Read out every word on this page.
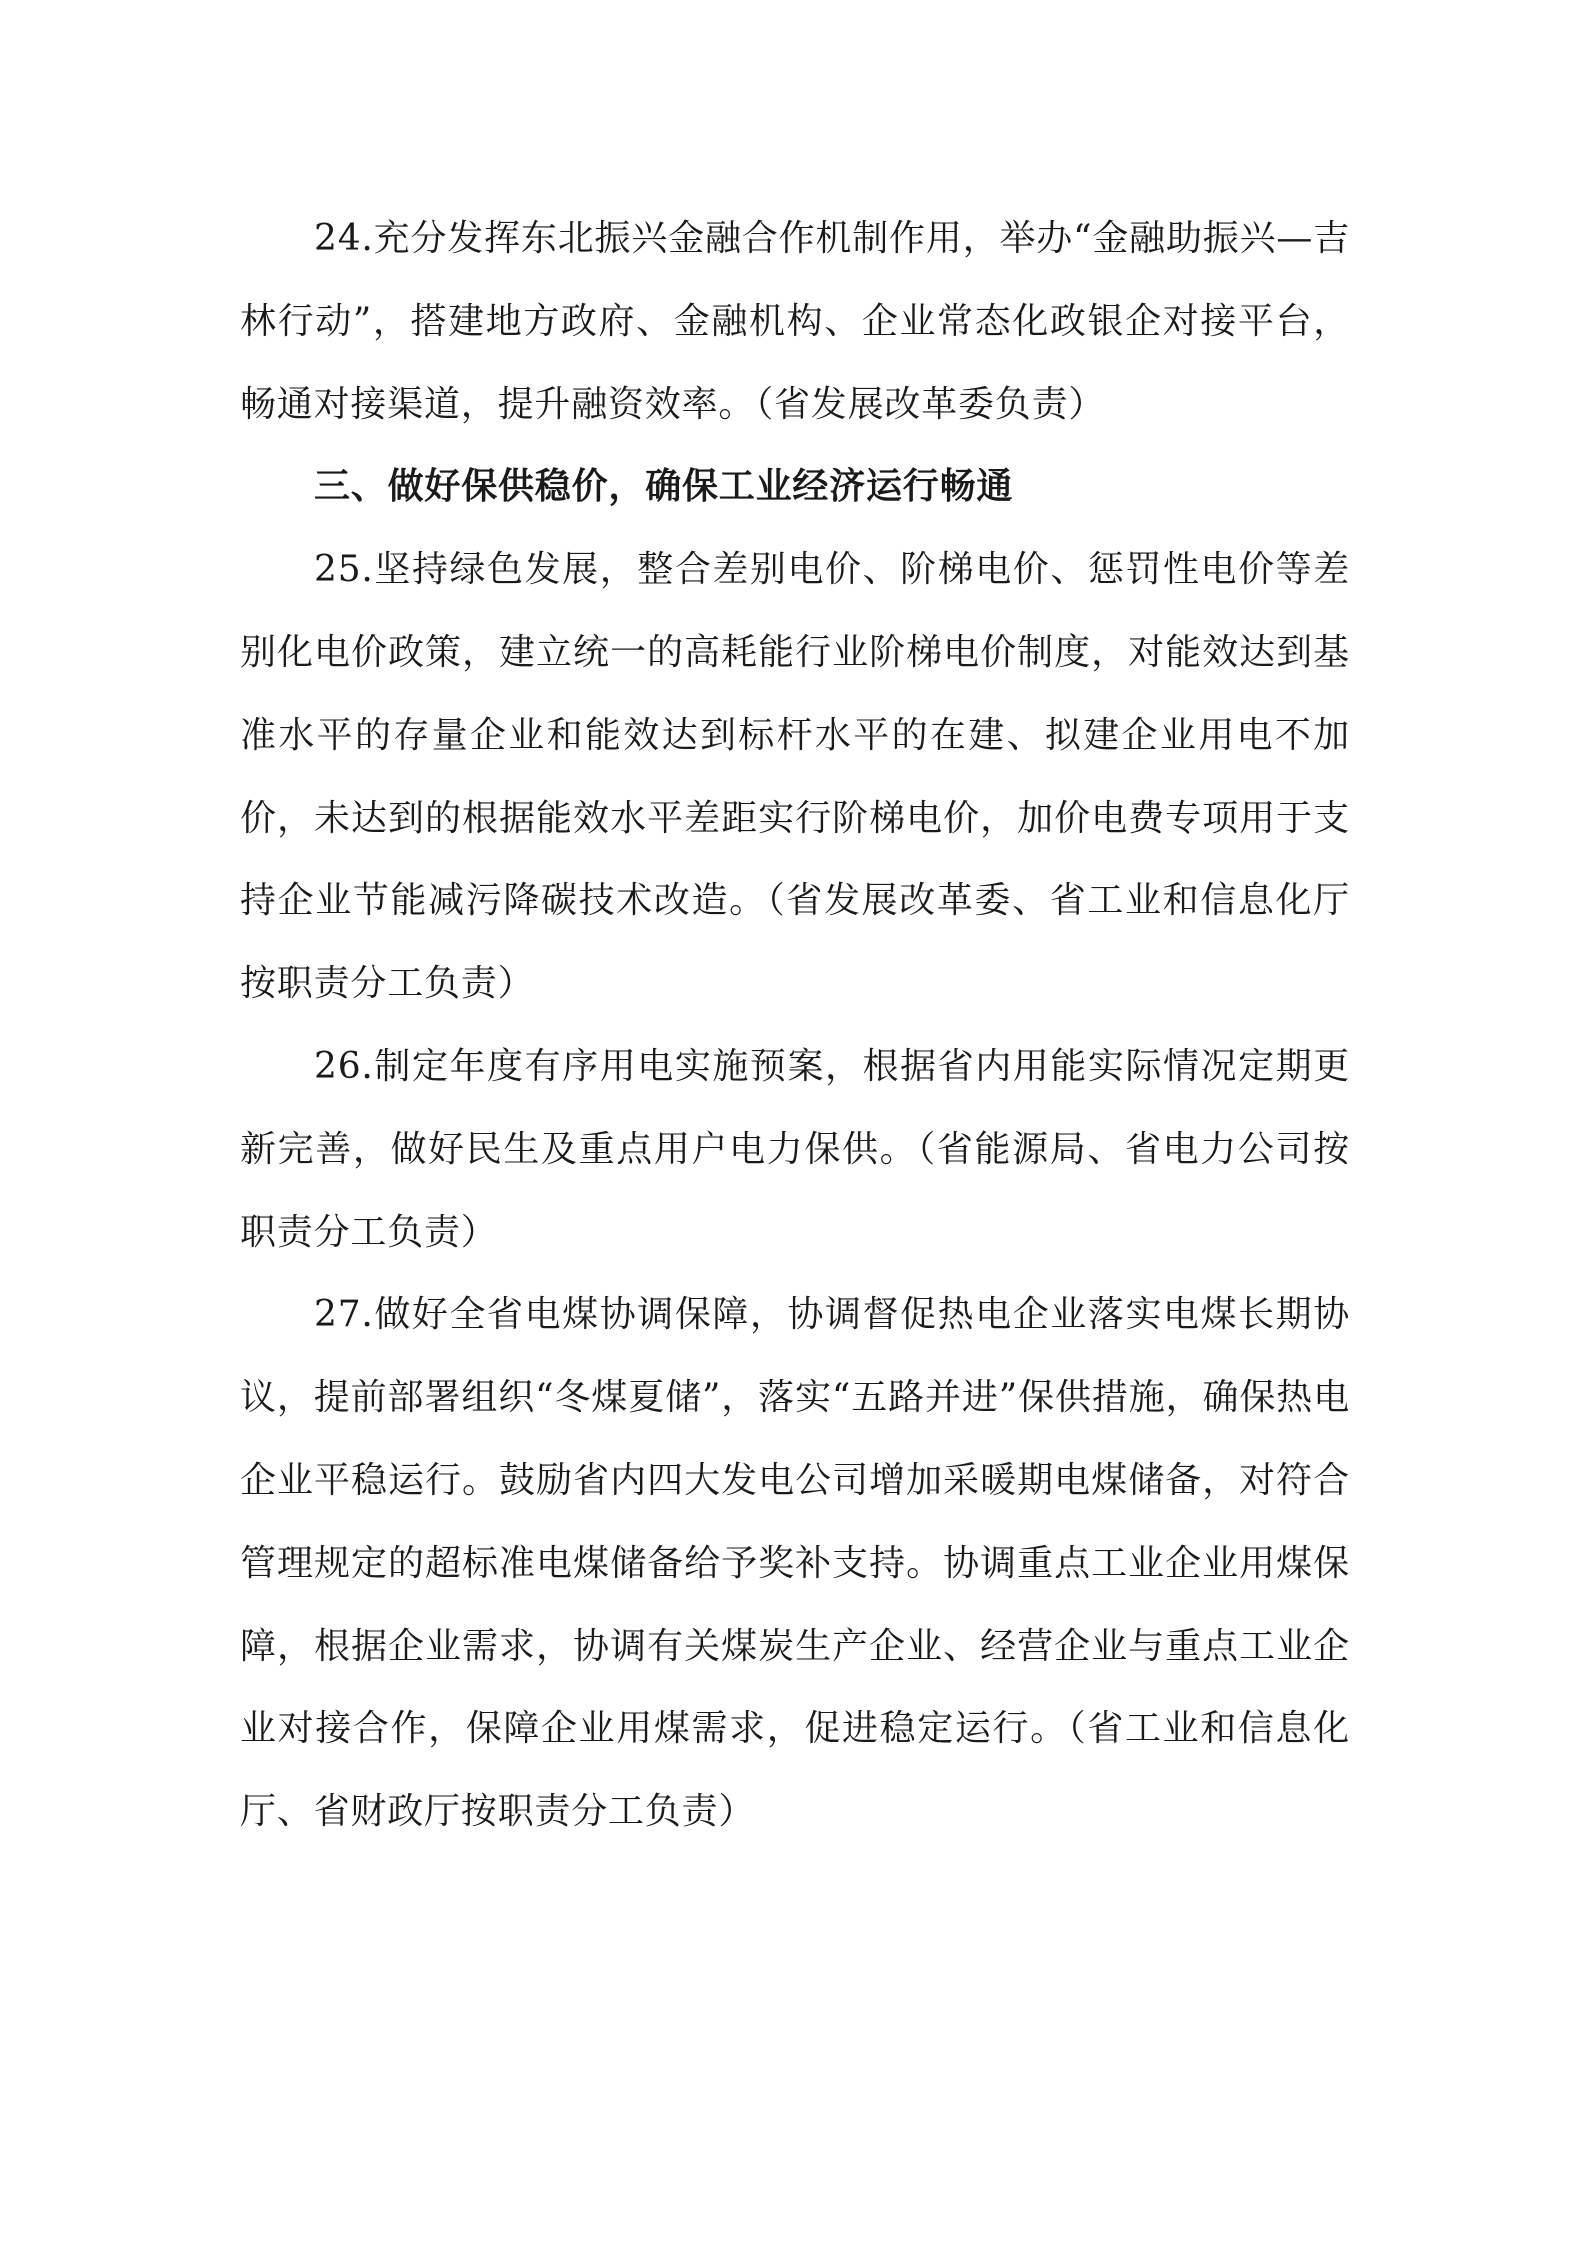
24.充分发挥东北振兴金融合作机制作用，举办“金融助振兴—吉林行动”，搭建地方政府、金融机构、企业常态化政银企对接平台，畅通对接渠道，提升融资效率。（省发展改革委负责）

三、做好保供稳价，确保工业经济运行畅通

25.坚持绿色发展，整合差别电价、阶梯电价、惩罚性电价等差别化电价政策，建立统一的高耗能行业阶梯电价制度，对能效达到基准水平的存量企业和能效达到标杆水平的在建、拟建企业用电不加价，未达到的根据能效水平差距实行阶梯电价，加价电费专项用于支持企业节能减污降碳技术改造。（省发展改革委、省工业和信息化厅按职责分工负责）

26.制定年度有序用电实施预案，根据省内用能实际情况定期更新完善，做好民生及重点用户电力保供。（省能源局、省电力公司按职责分工负责）

27.做好全省电煤协调保障，协调督促热电企业落实电煤长期协议，提前部署组织“冬煤夏储”，落实“五路并进”保供措施，确保热电企业平稳运行。鼓励省内四大发电公司增加采暖期电煤储备，对符合管理规定的超标准电煤储备给予奖补支持。协调重点工业企业用煤保障，根据企业需求，协调有关煤炭生产企业、经营企业与重点工业企业对接合作，保障企业用煤需求，促进稳定运行。（省工业和信息化厅、省财政厅按职责分工负责）
